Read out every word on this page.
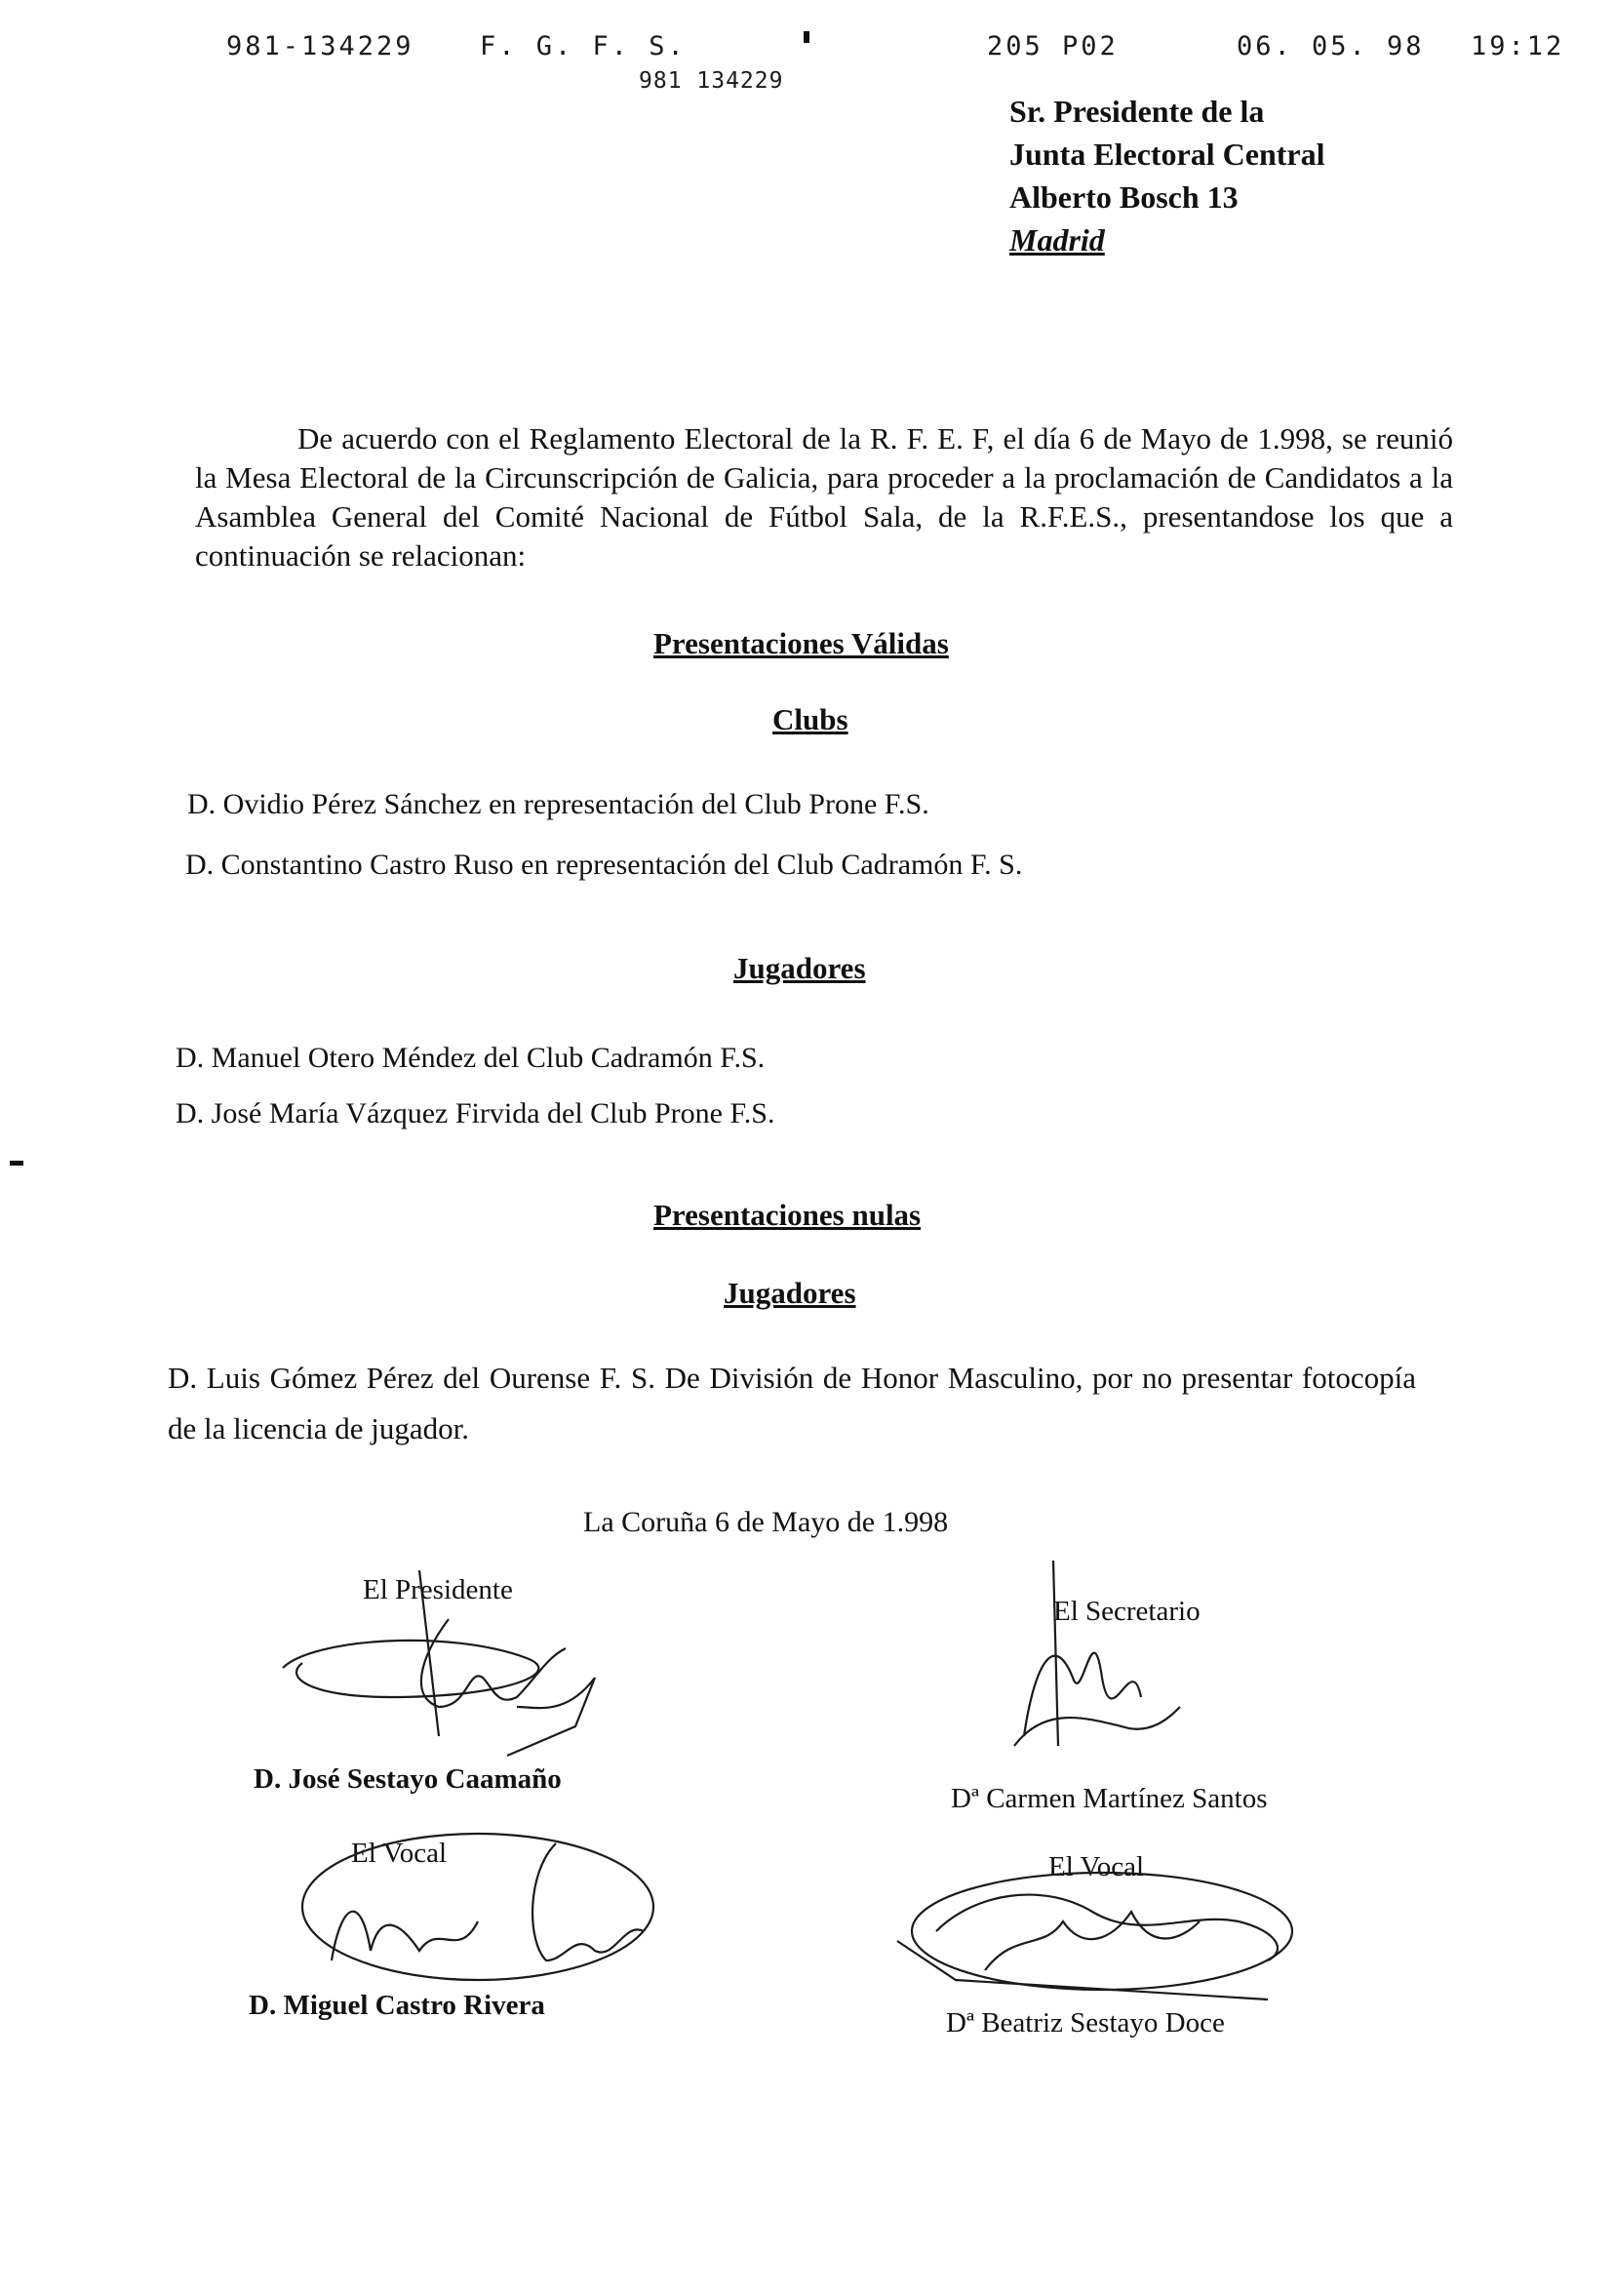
981-134229 F. G. F. S.	205 P02	06. 05. 98 19:12
981 134229
Sr. Presidente de la
Junta Electoral Central
Alberto Bosch 13
Madrid
De acuerdo con el Reglamento Electoral de la R. F. E. F, el día 6 de Mayo de 1.998, se reunió la Mesa Electoral de la Circunscripción de Galicia, para proceder a la proclamación de Candidatos a la Asamblea General del Comité Nacional de Fútbol Sala, de la R.F.E.S., presentandose los que a continuación se relacionan:
Presentaciones Válidas
Clubs
D. Ovidio Pérez Sánchez en representación del Club Prone F.S.
D. Constantino Castro Ruso en representación del Club Cadramón F. S.
Jugadores
D. Manuel Otero Méndez del Club Cadramón F.S.
D. José María Vázquez Firvida del Club Prone F.S.
Presentaciones nulas
Jugadores
D. Luis Gómez Pérez del Ourense F. S. De División de Honor Masculino, por no presentar fotocopía de la licencia de jugador.
La Coruña 6 de Mayo de 1.998
El Presidente
D. José Sestayo Caamaño
El Secretario
Dª Carmen Martínez Santos
El Vocal
D. Miguel Castro Rivera
El Vocal
Dª Beatriz Sestayo Doce
